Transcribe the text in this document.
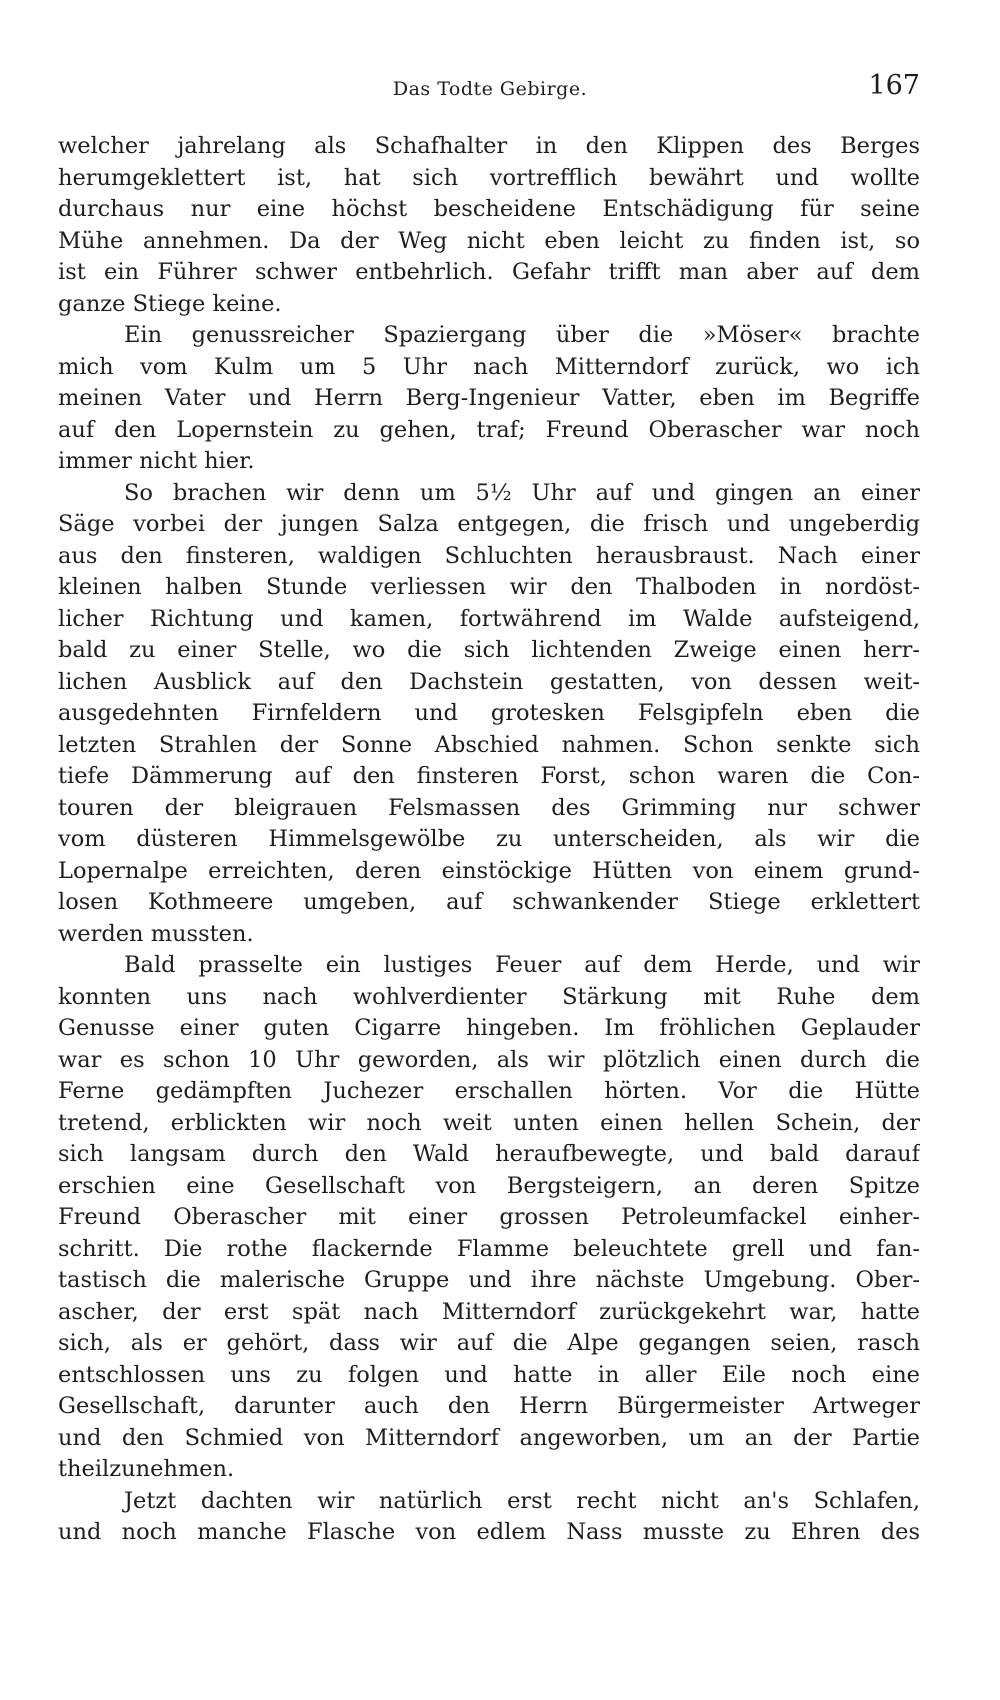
Das Todte Gebirge.	167
welcher jahrelang als Schafhalter in den Klippen des Berges
herumgeklettert ist, hat sich vortrefflich bewährt und wollte
durchaus nur eine höchst bescheidene Entschädigung für seine
Mühe annehmen. Da der Weg nicht eben leicht zu finden ist, so
ist ein Führer schwer entbehrlich. Gefahr trifft man aber auf dem
ganze Stiege keine.
Ein genussreicher Spaziergang über die »Möser« brachte
mich vom Kulm um 5 Uhr nach Mitterndorf zurück, wo ich
meinen Vater und Herrn Berg-Ingenieur Vatter, eben im Begriffe
auf den Lopernstein zu gehen, traf; Freund Oberascher war noch
immer nicht hier.
So brachen wir denn um 5½ Uhr auf und gingen an einer
Säge vorbei der jungen Salza entgegen, die frisch und ungeberdig
aus den finsteren, waldigen Schluchten herausbraust. Nach einer
kleinen halben Stunde verliessen wir den Thalboden in nordöst-
licher Richtung und kamen, fortwährend im Walde aufsteigend,
bald zu einer Stelle, wo die sich lichtenden Zweige einen herr-
lichen Ausblick auf den Dachstein gestatten, von dessen weit-
ausgedehnten Firnfeldern und grotesken Felsgipfeln eben die
letzten Strahlen der Sonne Abschied nahmen. Schon senkte sich
tiefe Dämmerung auf den finsteren Forst, schon waren die Con-
touren der bleigrauen Felsmassen des Grimming nur schwer
vom düsteren Himmelsgewölbe zu unterscheiden, als wir die
Lopernalpe erreichten, deren einstöckige Hütten von einem grund-
losen Kothmeere umgeben, auf schwankender Stiege erklettert
werden mussten.
Bald prasselte ein lustiges Feuer auf dem Herde, und wir
konnten uns nach wohlverdienter Stärkung mit Ruhe dem
Genusse einer guten Cigarre hingeben. Im fröhlichen Geplauder
war es schon 10 Uhr geworden, als wir plötzlich einen durch die
Ferne gedämpften Juchezer erschallen hörten. Vor die Hütte
tretend, erblickten wir noch weit unten einen hellen Schein, der
sich langsam durch den Wald heraufbewegte, und bald darauf
erschien eine Gesellschaft von Bergsteigern, an deren Spitze
Freund Oberascher mit einer grossen Petroleumfackel einher-
schritt. Die rothe flackernde Flamme beleuchtete grell und fan-
tastisch die malerische Gruppe und ihre nächste Umgebung. Ober-
ascher, der erst spät nach Mitterndorf zurückgekehrt war, hatte
sich, als er gehört, dass wir auf die Alpe gegangen seien, rasch
entschlossen uns zu folgen und hatte in aller Eile noch eine
Gesellschaft, darunter auch den Herrn Bürgermeister Artweger
und den Schmied von Mitterndorf angeworben, um an der Partie
theilzunehmen.
Jetzt dachten wir natürlich erst recht nicht an's Schlafen,
und noch manche Flasche von edlem Nass musste zu Ehren des
